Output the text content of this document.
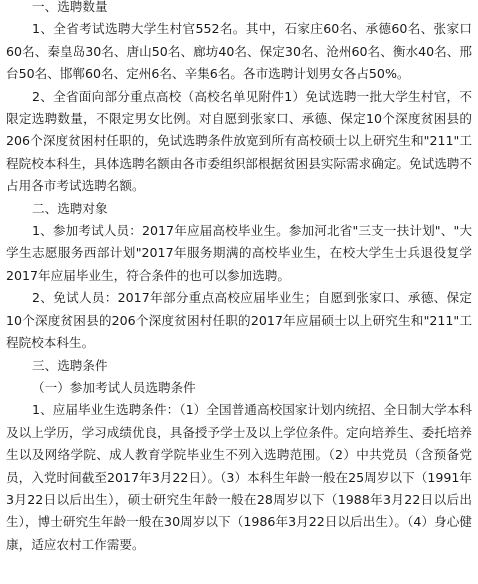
一、选聘数量

1、全省考试选聘大学生村官552名。其中，石家庄60名、承德60名、张家口60名、秦皇岛30名、唐山50名、廊坊40名、保定30名、沧州60名、衡水40名、邢台50名、邯郸60名、定州6名、辛集6名。各市选聘计划男女各占50%。

2、全省面向部分重点高校（高校名单见附件1）免试选聘一批大学生村官，不限定选聘数量，不限定男女比例。对自愿到张家口、承德、保定10个深度贫困县的206个深度贫困村任职的，免试选聘条件放宽到所有高校硕士以上研究生和"211"工程院校本科生，具体选聘名额由各市委组织部根据贫困县实际需求确定。免试选聘不占用各市考试选聘名额。

二、选聘对象

1、参加考试人员：2017年应届高校毕业生。参加河北省"三支一扶计划"、"大学生志愿服务西部计划"2017年服务期满的高校毕业生，在校大学生士兵退役复学2017年应届毕业生，符合条件的也可以参加选聘。

2、免试人员：2017年部分重点高校应届毕业生；自愿到张家口、承德、保定10个深度贫困县的206个深度贫困村任职的2017年应届硕士以上研究生和"211"工程院校本科生。

三、选聘条件

（一）参加考试人员选聘条件

1、应届毕业生选聘条件：（1）全国普通高校国家计划内统招、全日制大学本科及以上学历，学习成绩优良，具备授予学士及以上学位条件。定向培养生、委托培养生以及网络学院、成人教育学院毕业生不列入选聘范围。（2）中共党员（含预备党员，入党时间截至2017年3月22日）。（3）本科生年龄一般在25周岁以下（1991年3月22日以后出生），硕士研究生年龄一般在28周岁以下（1988年3月22日以后出生），博士研究生年龄一般在30周岁以下（1986年3月22日以后出生）。（4）身心健康，适应农村工作需要。
